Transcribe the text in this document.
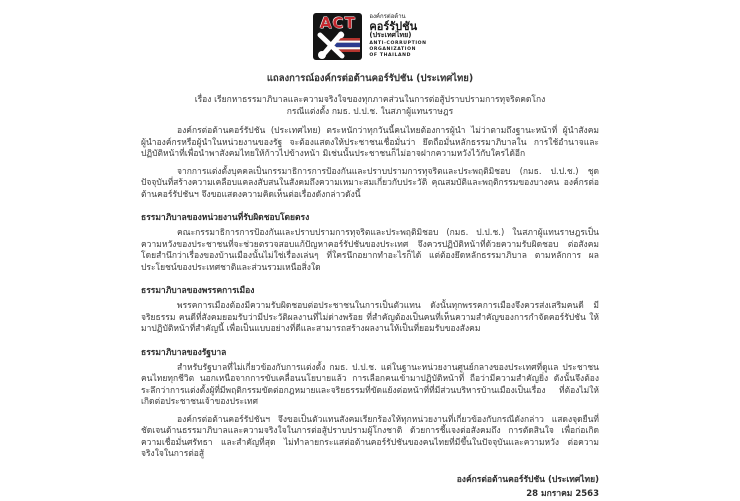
ACT	องค์กรต่อต้าน
คอร์รัปชัน
(ประเทศไทย)
ANTI-CORRUPTION
ORGANIZATION
OF THAILAND
แถลงการณ์องค์กรต่อต้านคอร์รัปชัน (ประเทศไทย)
เรื่อง เรียกหาธรรมาภิบาลและความจริงใจของทุกภาคส่วนในการต่อสู้ปราบปรามการทุจริตคดโกง
กรณีแต่งตั้ง กมธ. ป.ป.ช. ในสภาผู้แทนราษฎร

องค์กรต่อต้านคอร์รัปชัน (ประเทศไทย) ตระหนักว่าทุกวันนี้คนไทยต้องการผู้นำ ไม่ว่าตามถึงฐานะหน้าที่ ผู้นำสังคม ผู้นำองค์กรหรือผู้นำในหน่วยงานของรัฐ จะต้องแสดงให้ประชาชนเชื่อมั่นว่า ยึดถือมั่นหลักธรรมาภิบาลใน การใช้อำนาจและปฏิบัติหน้าที่เพื่อนำพาสังคมไทยให้ก้าวไปข้างหน้า มิเช่นนั้นประชาชนก็ไม่อาจฝากความหวังไว้กับใครได้อีก

จากการแต่งตั้งบุคคลเป็นกรรมาธิการการป้องกันและปราบปรามการทุจริตและประพฤติมิชอบ (กมธ. ป.ป.ช.) ชุดปัจจุบันที่สร้างความเคลือบแคลงสับสนในสังคมถึงความเหมาะสมเกี่ยวกับประวัติ คุณสมบัติและพฤติกรรมของบางคน องค์กรต่อต้านคอร์รัปชันฯ จึงขอแสดงความคิดเห็นต่อเรื่องดังกล่าวดังนี้

ธรรมาภิบาลของหน่วยงานที่รับผิดชอบโดยตรง

คณะกรรมาธิการการป้องกันและปราบปรามการทุจริตและประพฤติมิชอบ (กมธ. ป.ป.ช.) ในสภาผู้แทนราษฎรเป็น ความหวังของประชาชนที่จะช่วยตรวจสอบแก้ปัญหาคอร์รัปชันของประเทศ จึงควรปฏิบัติหน้าที่ด้วยความรับผิดชอบ ต่อสังคม โดยสำนึกว่าเรื่องของบ้านเมืองนั้นไม่ใช่เรื่องเล่นๆ ที่ใครนึกอยากทำอะไรก็ได้ แต่ต้องยึดหลักธรรมาภิบาล ตามหลักการ ผลประโยชน์ของประเทศชาติและส่วนรวมเหนือสิ่งใด

ธรรมาภิบาลของพรรคการเมือง

พรรคการเมืองต้องมีความรับผิดชอบต่อประชาชนในการเป็นตัวแทน ดังนั้นทุกพรรคการเมืองจึงควรส่งเสริมคนดี มีจริยธรรม คนดีที่สังคมยอมรับว่ามีประวัติผลงานที่ไม่ด่างพร้อย ที่สำคัญต้องเป็นคนที่เห็นความสำคัญของการกำจัดคอร์รัปชัน ให้มาปฏิบัติหน้าที่สำคัญนี้ เพื่อเป็นแบบอย่างที่ดีและสามารถสร้างผลงานให้เป็นที่ยอมรับของสังคม

ธรรมาภิบาลของรัฐบาล

สำหรับรัฐบาลที่ไม่เกี่ยวข้องกับการแต่งตั้ง กมธ. ป.ป.ช. แต่ในฐานะหน่วยงานศูนย์กลางของประเทศที่ดูแล ประชาชนคนไทยทุกชีวิต นอกเหนือจากการขับเคลื่อนนโยบายแล้ว การเลือกคนเข้ามาปฏิบัติหน้าที่ ถือว่ามีความสำคัญยิ่ง ดังนั้นจึงต้องระลึกว่าการแต่งตั้งผู้ที่มีพฤติกรรมขัดต่อกฎหมายและจริยธรรมที่ขัดแย้งต่อหน้าที่ที่มีส่วนบริหารบ้านเมืองเป็นเรื่อง ที่ต้องไม่ให้เกิดต่อประชาชนเจ้าของประเทศ

องค์กรต่อต้านคอร์รัปชันฯ จึงขอเป็นตัวแทนสังคมเรียกร้องให้ทุกหน่วยงานที่เกี่ยวข้องกับกรณีดังกล่าว แสดงจุดยืนที่ชัดเจนด้านธรรมาภิบาลและความจริงใจในการต่อสู้ปราบปรามผู้โกงชาติ ด้วยการชี้แจงต่อสังคมถึง การตัดสินใจ เพื่อก่อเกิดความเชื่อมั่นศรัทธา และสำคัญที่สุด ไม่ทำลายกระแสต่อต้านคอร์รัปชันของคนไทยที่มีขึ้นในปัจจุบันและความหวัง ต่อความจริงใจในการต่อสู้

องค์กรต่อต้านคอร์รัปชัน (ประเทศไทย)
28 มกราคม 2563
